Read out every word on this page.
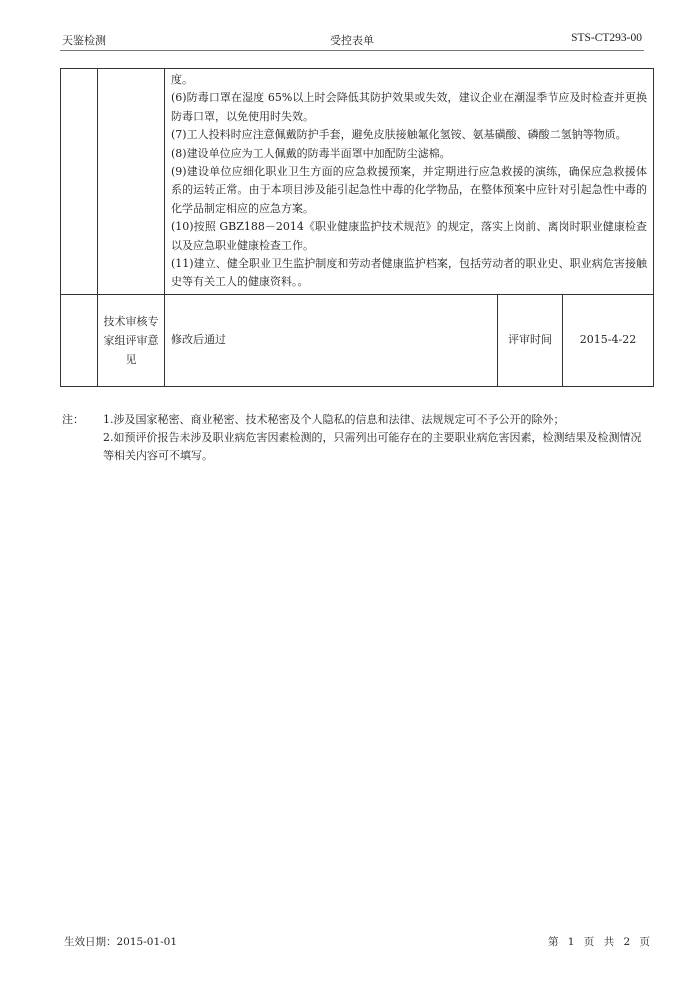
天鉴检测	受控表单	STS-CT293-00

度。

(6)防毒口罩在湿度 65%以上时会降低其防护效果或失效，建议企业在潮湿季节应及时检查并更换防毒口罩，以免使用时失效。

(7)工人投料时应注意佩戴防护手套，避免皮肤接触氟化氢铵、氨基磺酸、磷酸二氢钠等物质。

(8)建设单位应为工人佩戴的防毒半面罩中加配防尘滤棉。

(9)建设单位应细化职业卫生方面的应急救援预案，并定期进行应急救援的演练，确保应急救援体系的运转正常。由于本项目涉及能引起急性中毒的化学物品，在整体预案中应针对引起急性中毒的化学品制定相应的应急方案。

(10)按照 GBZ188－2014《职业健康监护技术规范》的规定，落实上岗前、离岗时职业健康检查以及应急职业健康检查工作。

(11)建立、健全职业卫生监护制度和劳动者健康监护档案，包括劳动者的职业史、职业病危害接触史等有关工人的健康资料。。

	技术审核专家组评审意见	修改后通过	评审时间	2015-4-22
注： 1.涉及国家秘密、商业秘密、技术秘密及个人隐私的信息和法律、法规规定可不予公开的除外；

2.如预评价报告未涉及职业病危害因素检测的，只需列出可能存在的主要职业病危害因素，检测结果及检测情况等相关内容可不填写。

生效日期：2015-01-01	第 1 页 共 2 页
